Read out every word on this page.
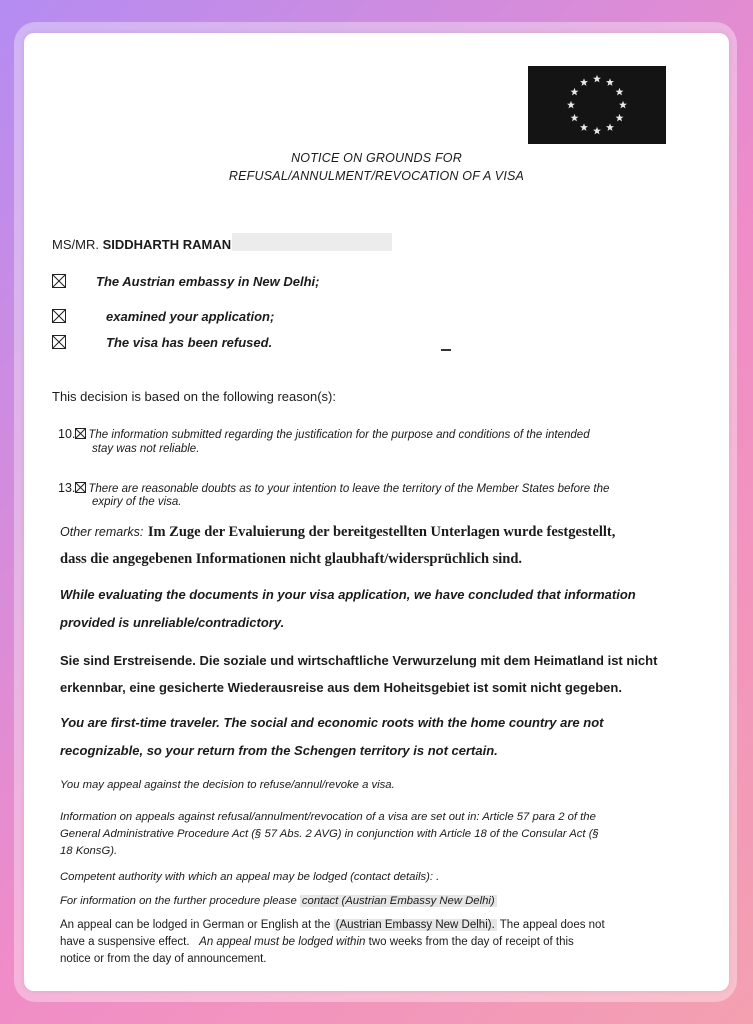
NOTICE ON GROUNDS FOR
REFUSAL/ANNULMENT/REVOCATION OF A VISA
MS/MR. SIDDHARTH RAMAN
The Austrian embassy in New Delhi;
examined your application;
The visa has been refused.
This decision is based on the following reason(s):
10. The information submitted regarding the justification for the purpose and conditions of the intended
stay was not reliable.
13. There are reasonable doubts as to your intention to leave the territory of the Member States before the
expiry of the visa.
Other remarks: Im Zuge der Evaluierung der bereitgestellten Unterlagen wurde festgestellt,
dass die angegebenen Informationen nicht glaubhaft/widersprüchlich sind.
While evaluating the documents in your visa application, we have concluded that information
provided is unreliable/contradictory.
Sie sind Erstreisende. Die soziale und wirtschaftliche Verwurzelung mit dem Heimatland ist nicht
erkennbar, eine gesicherte Wiederausreise aus dem Hoheitsgebiet ist somit nicht gegeben.
You are first-time traveler. The social and economic roots with the home country are not
recognizable, so your return from the Schengen territory is not certain.
You may appeal against the decision to refuse/annul/revoke a visa.
Information on appeals against refusal/annulment/revocation of a visa are set out in: Article 57 para 2 of the
General Administrative Procedure Act (§ 57 Abs. 2 AVG) in conjunction with Article 18 of the Consular Act (§
18 KonsG).
Competent authority with which an appeal may be lodged (contact details): .
For information on the further procedure please contact (Austrian Embassy New Delhi)
An appeal can be lodged in German or English at the (Austrian Embassy New Delhi). The appeal does not
have a suspensive effect. An appeal must be lodged within two weeks from the day of receipt of this
notice or from the day of announcement.
